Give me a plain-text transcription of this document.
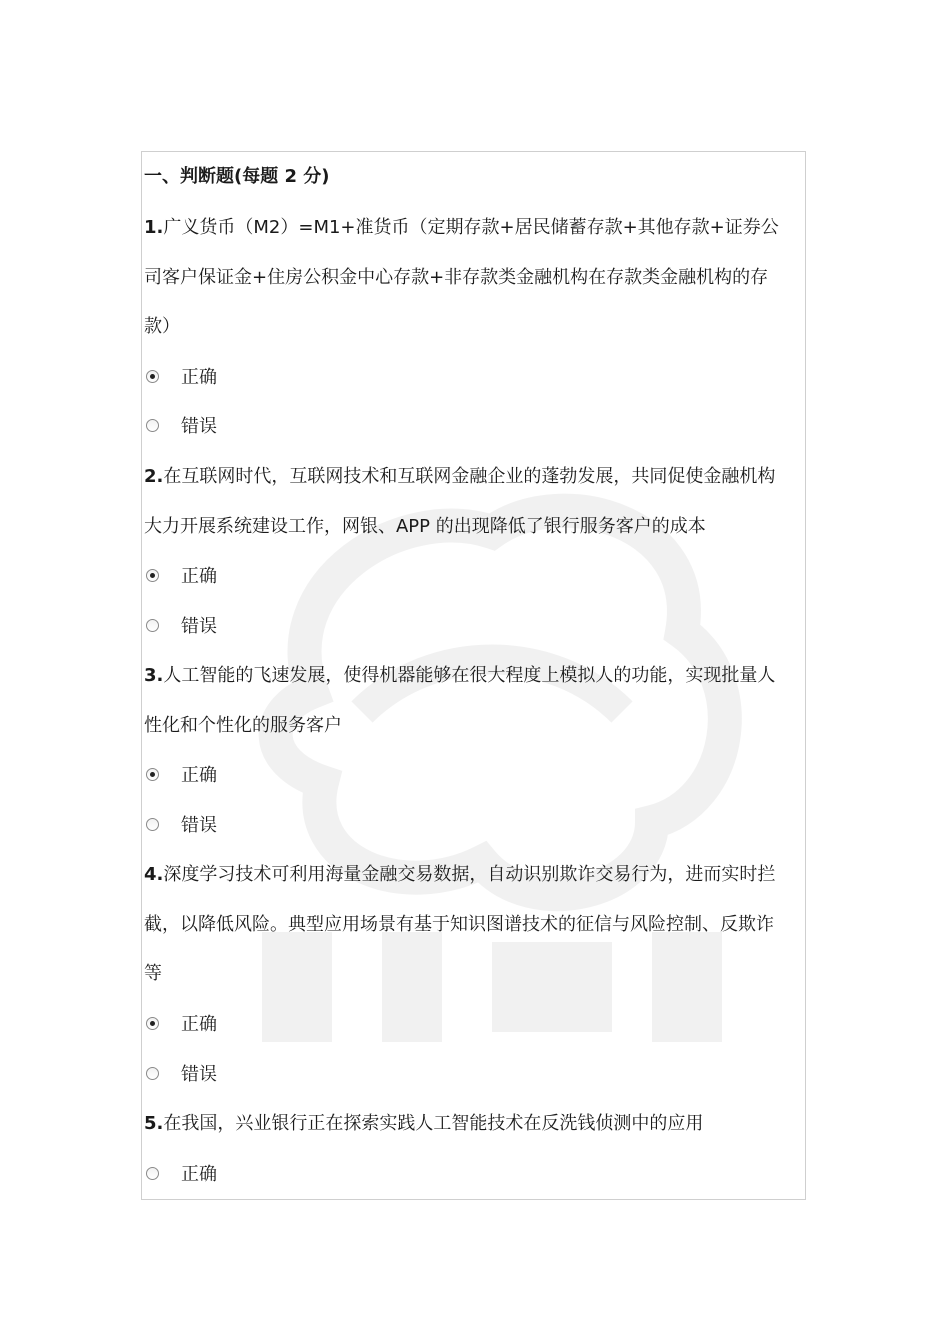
一、判断题(每题 2 分)
1.广义货币（M2）=M1+准货币（定期存款+居民储蓄存款+其他存款+证券公
司客户保证金+住房公积金中心存款+非存款类金融机构在存款类金融机构的存
款）
正确
错误
2.在互联网时代，互联网技术和互联网金融企业的蓬勃发展，共同促使金融机构
大力开展系统建设工作，网银、APP 的出现降低了银行服务客户的成本
正确
错误
3.人工智能的飞速发展，使得机器能够在很大程度上模拟人的功能，实现批量人
性化和个性化的服务客户
正确
错误
4.深度学习技术可利用海量金融交易数据，自动识别欺诈交易行为，进而实时拦
截，以降低风险。典型应用场景有基于知识图谱技术的征信与风险控制、反欺诈
等
正确
错误
5.在我国，兴业银行正在探索实践人工智能技术在反洗钱侦测中的应用
正确
